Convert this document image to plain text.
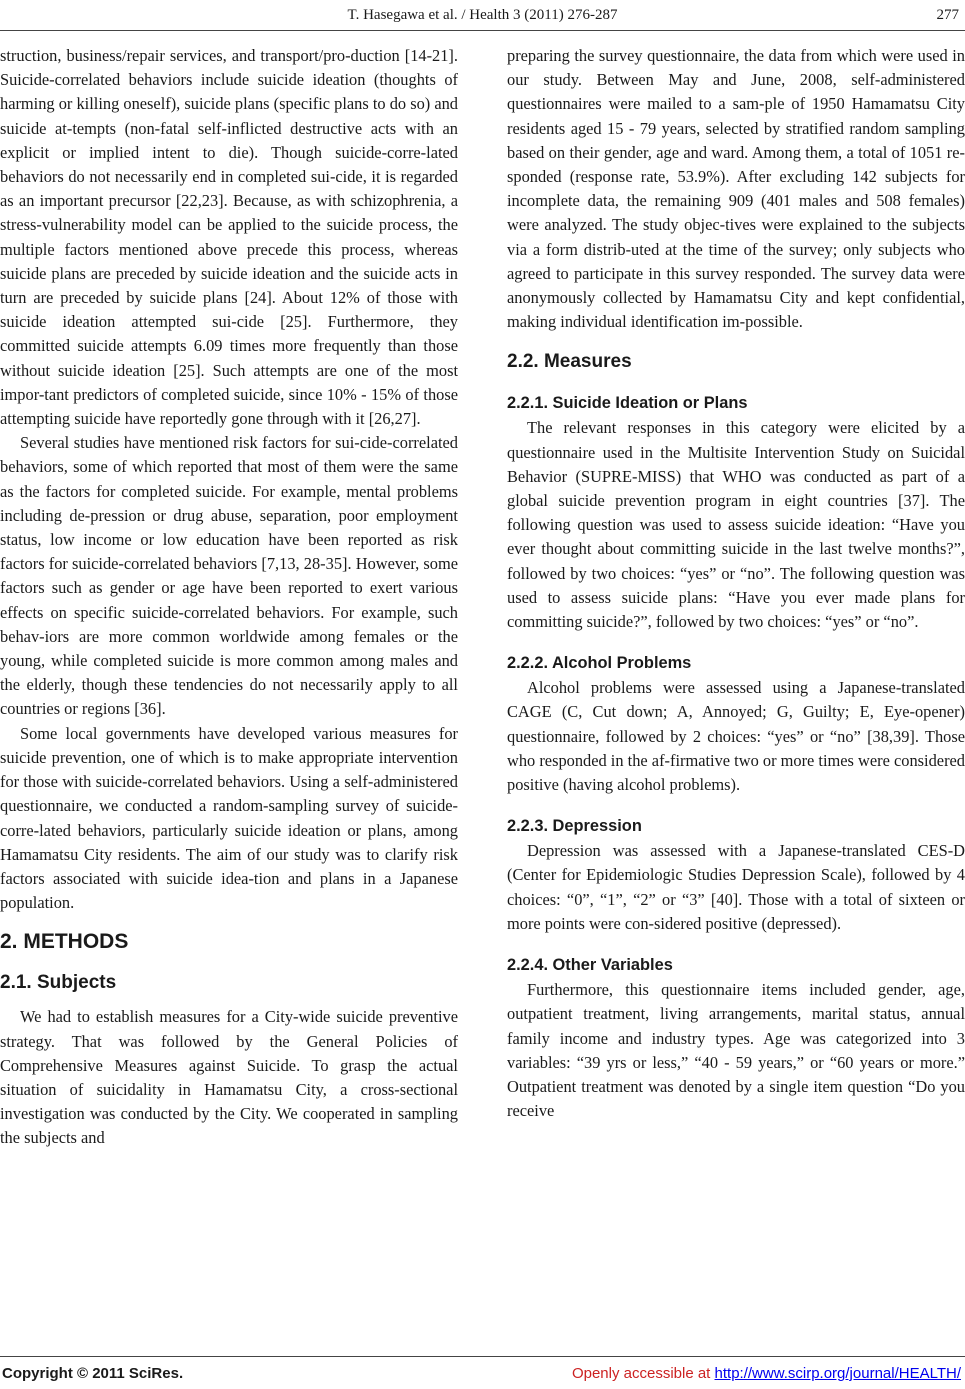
T. Hasegawa et al. / Health 3 (2011) 276-287	277

struction, business/repair services, and transport/pro-duction [14-21]. Suicide-correlated behaviors include suicide ideation (thoughts of harming or killing oneself), suicide plans (specific plans to do so) and suicide at-tempts (non-fatal self-inflicted destructive acts with an explicit or implied intent to die). Though suicide-corre-lated behaviors do not necessarily end in completed sui-cide, it is regarded as an important precursor [22,23]. Because, as with schizophrenia, a stress-vulnerability model can be applied to the suicide process, the multiple factors mentioned above precede this process, whereas suicide plans are preceded by suicide ideation and the suicide acts in turn are preceded by suicide plans [24]. About 12% of those with suicide ideation attempted sui-cide [25]. Furthermore, they committed suicide attempts 6.09 times more frequently than those without suicide ideation [25]. Such attempts are one of the most impor-tant predictors of completed suicide, since 10% - 15% of those attempting suicide have reportedly gone through with it [26,27].

Several studies have mentioned risk factors for sui-cide-correlated behaviors, some of which reported that most of them were the same as the factors for completed suicide. For example, mental problems including de-pression or drug abuse, separation, poor employment status, low income or low education have been reported as risk factors for suicide-correlated behaviors [7,13, 28-35]. However, some factors such as gender or age have been reported to exert various effects on specific suicide-correlated behaviors. For example, such behav-iors are more common worldwide among females or the young, while completed suicide is more common among males and the elderly, though these tendencies do not necessarily apply to all countries or regions [36].

Some local governments have developed various measures for suicide prevention, one of which is to make appropriate intervention for those with suicide-correlated behaviors. Using a self-administered questionnaire, we conducted a random-sampling survey of suicide-corre-lated behaviors, particularly suicide ideation or plans, among Hamamatsu City residents. The aim of our study was to clarify risk factors associated with suicide idea-tion and plans in a Japanese population.

2. METHODS
2.1. Subjects

We had to establish measures for a City-wide suicide preventive strategy. That was followed by the General Policies of Comprehensive Measures against Suicide. To grasp the actual situation of suicidality in Hamamatsu City, a cross-sectional investigation was conducted by the City. We cooperated in sampling the subjects and

preparing the survey questionnaire, the data from which were used in our study. Between May and June, 2008, self-administered questionnaires were mailed to a sam-ple of 1950 Hamamatsu City residents aged 15 - 79 years, selected by stratified random sampling based on their gender, age and ward. Among them, a total of 1051 re-sponded (response rate, 53.9%). After excluding 142 subjects for incomplete data, the remaining 909 (401 males and 508 females) were analyzed. The study objec-tives were explained to the subjects via a form distrib-uted at the time of the survey; only subjects who agreed to participate in this survey responded. The survey data were anonymously collected by Hamamatsu City and kept confidential, making individual identification im-possible.

2.2. Measures
2.2.1. Suicide Ideation or Plans

The relevant responses in this category were elicited by a questionnaire used in the Multisite Intervention Study on Suicidal Behavior (SUPRE-MISS) that WHO was conducted as part of a global suicide prevention program in eight countries [37]. The following question was used to assess suicide ideation: “Have you ever thought about committing suicide in the last twelve months?”, followed by two choices: “yes” or “no”. The following question was used to assess suicide plans: “Have you ever made plans for committing suicide?”, followed by two choices: “yes” or “no”.

2.2.2. Alcohol Problems

Alcohol problems were assessed using a Japanese-translated CAGE (C, Cut down; A, Annoyed; G, Guilty; E, Eye-opener) questionnaire, followed by 2 choices: “yes” or “no” [38,39]. Those who responded in the af-firmative two or more times were considered positive (having alcohol problems).

2.2.3. Depression

Depression was assessed with a Japanese-translated CES-D (Center for Epidemiologic Studies Depression Scale), followed by 4 choices: “0”, “1”, “2” or “3” [40]. Those with a total of sixteen or more points were con-sidered positive (depressed).

2.2.4. Other Variables

Furthermore, this questionnaire items included gender, age, outpatient treatment, living arrangements, marital status, annual family income and industry types. Age was categorized into 3 variables: “39 yrs or less,” “40 - 59 years,” or “60 years or more.” Outpatient treatment was denoted by a single item question “Do you receive

Copyright © 2011 SciRes.	Openly accessible at http://www.scirp.org/journal/HEALTH/
